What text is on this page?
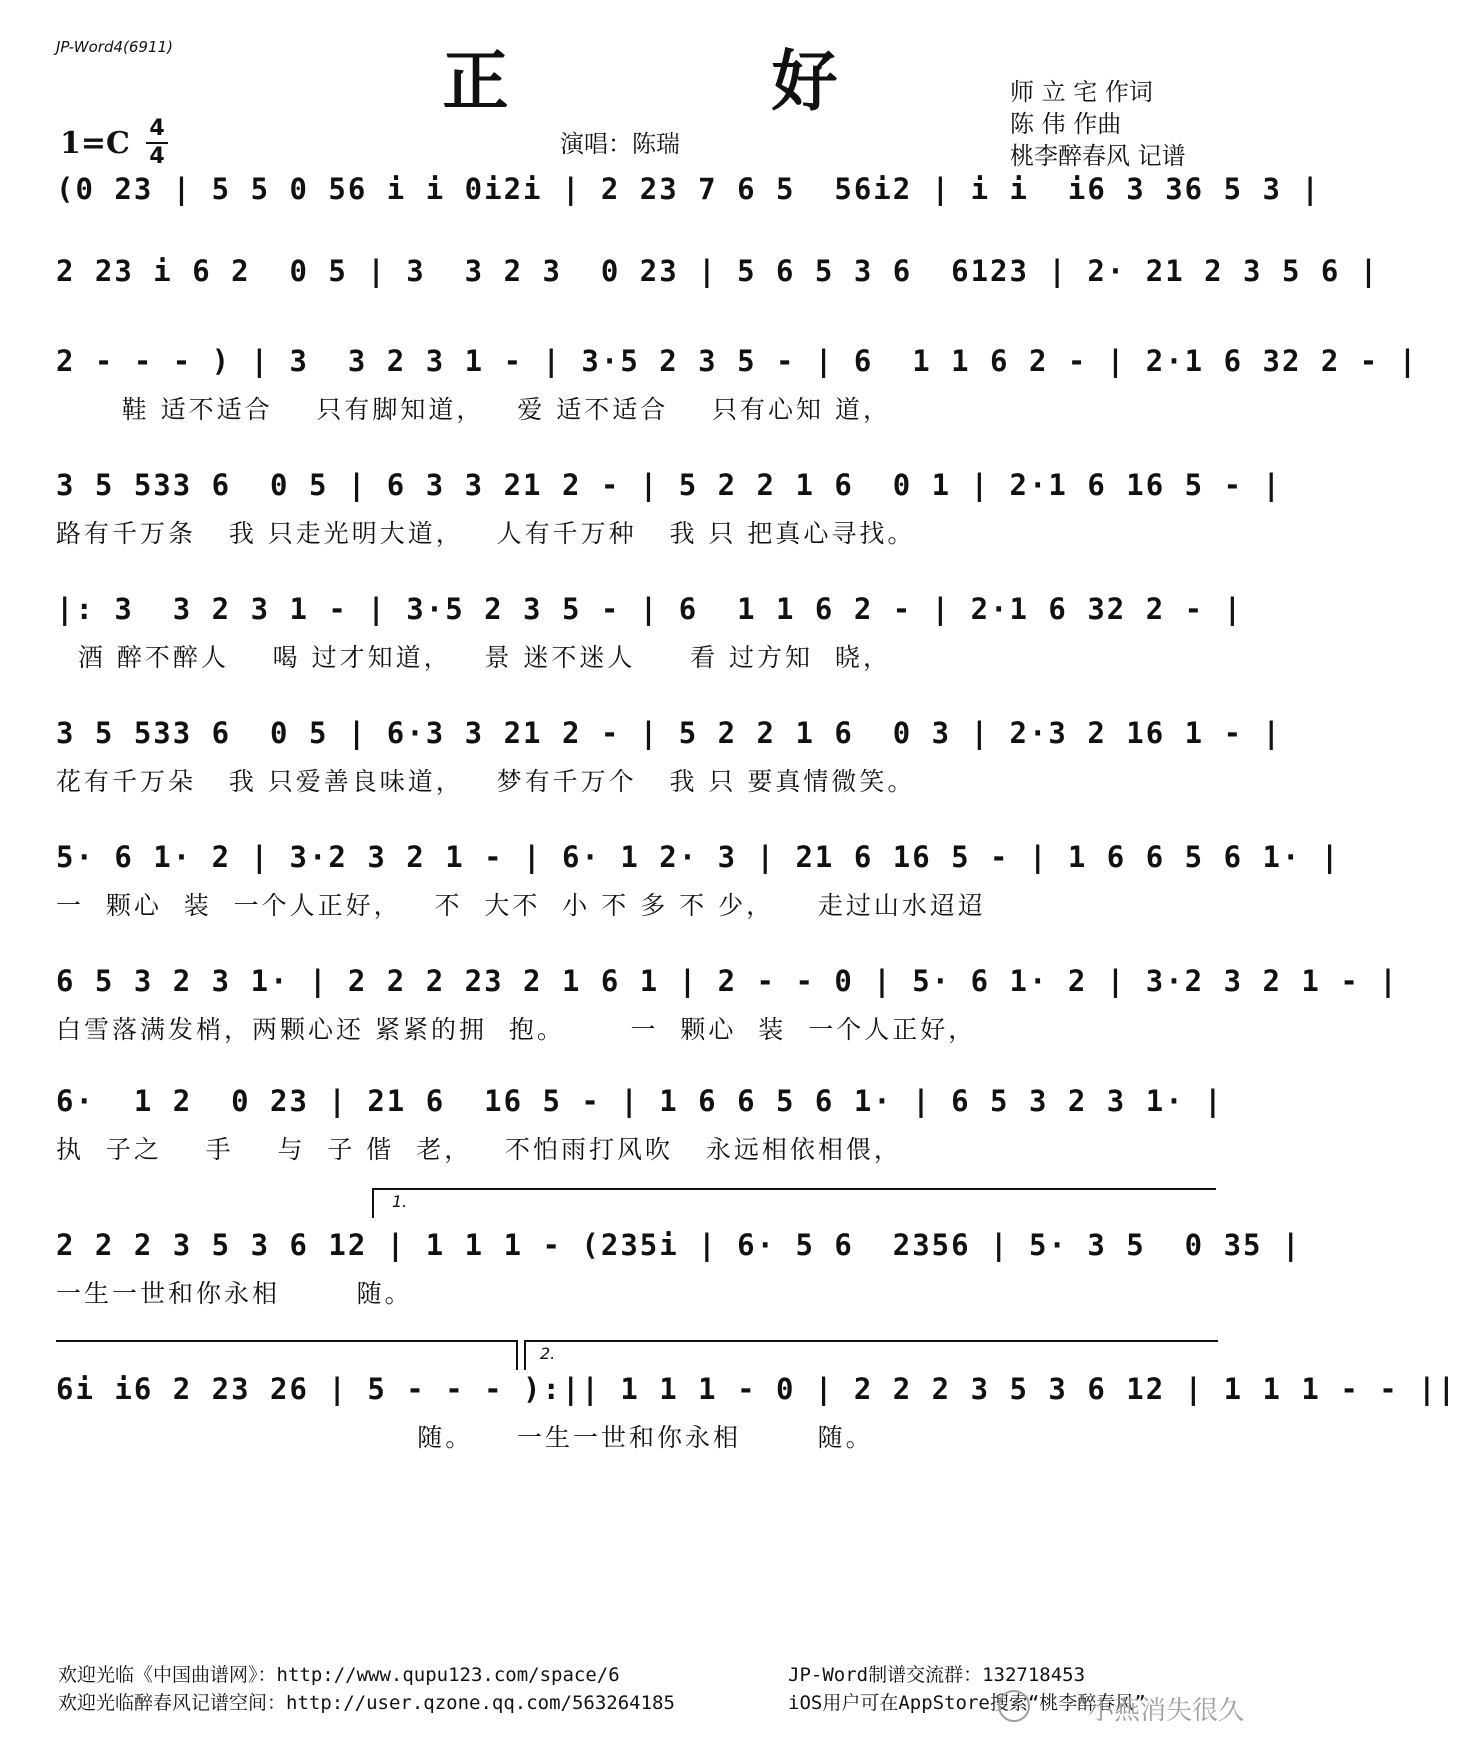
JP-Word4(6911)	正 好
演唱：陈瑞
1=C 4
4
师 立 宅 作词
陈 伟 作曲
桃李醉春风 记谱
(0 23 | 5 5 0 56 i i 0i2i | 2 23 7 6 5  56i2 | i i  i6 3 36 5 3 |
2 23 i 6 2  0 5 | 3  3 2 3  0 23 | 5 6 5 3 6  6123 | 2· 21 2 3 5 6 |
2 - - - ) | 3  3 2 3 1 - | 3·5 2 3 5 - | 6  1 1 6 2 - | 2·1 6 32 2 - |
鞋 适不适合    只有脚知道，   爱 适不适合    只有心知 道，
3 5 533 6  0 5 | 6 3 3 21 2 - | 5 2 2 1 6  0 1 | 2·1 6 16 5 - |
路有千万条   我 只走光明大道，   人有千万种   我 只 把真心寻找。
|: 3  3 2 3 1 - | 3·5 2 3 5 - | 6  1 1 6 2 - | 2·1 6 32 2 - |
酒 醉不醉人    喝 过才知道，   景 迷不迷人     看 过方知  晓，
3 5 533 6  0 5 | 6·3 3 21 2 - | 5 2 2 1 6  0 3 | 2·3 2 16 1 - |
花有千万朵   我 只爱善良味道，   梦有千万个   我 只 要真情微笑。
5· 6 1· 2 | 3·2 3 2 1 - | 6· 1 2· 3 | 21 6 16 5 - | 1 6 6 5 6 1· |
一  颗心  装  一个人正好，   不  大不  小 不 多 不 少，    走过山水迢迢
6 5 3 2 3 1· | 2 2 2 23 2 1 6 1 | 2 - - 0 | 5· 6 1· 2 | 3·2 3 2 1 - |
白雪落满发梢，两颗心还 紧紧的拥  抱。      一  颗心  装  一个人正好，
6·  1 2  0 23 | 21 6  16 5 - | 1 6 6 5 6 1· | 6 5 3 2 3 1· |
执  子之    手    与  子 偕  老，   不怕雨打风吹   永远相依相偎，
1.
2 2 2 3 5 3 6 12 | 1 1 1 - (235i | 6· 5 6  2356 | 5· 3 5  0 35 |
一生一世和你永相       随。
2.
6i i6 2 23 26 | 5 - - - ):|| 1 1 1 - 0 | 2 2 2 3 5 3 6 12 | 1 1 1 - - ||
随。    一生一世和你永相       随。
欢迎光临《中国曲谱网》：http://www.qupu123.com/space/6
欢迎光临醉春风记谱空间：http://user.qzone.qq.com/563264185
JP-Word制谱交流群：132718453
iOS用户可在AppStore搜索“桃李醉春风”
小燕消失很久
